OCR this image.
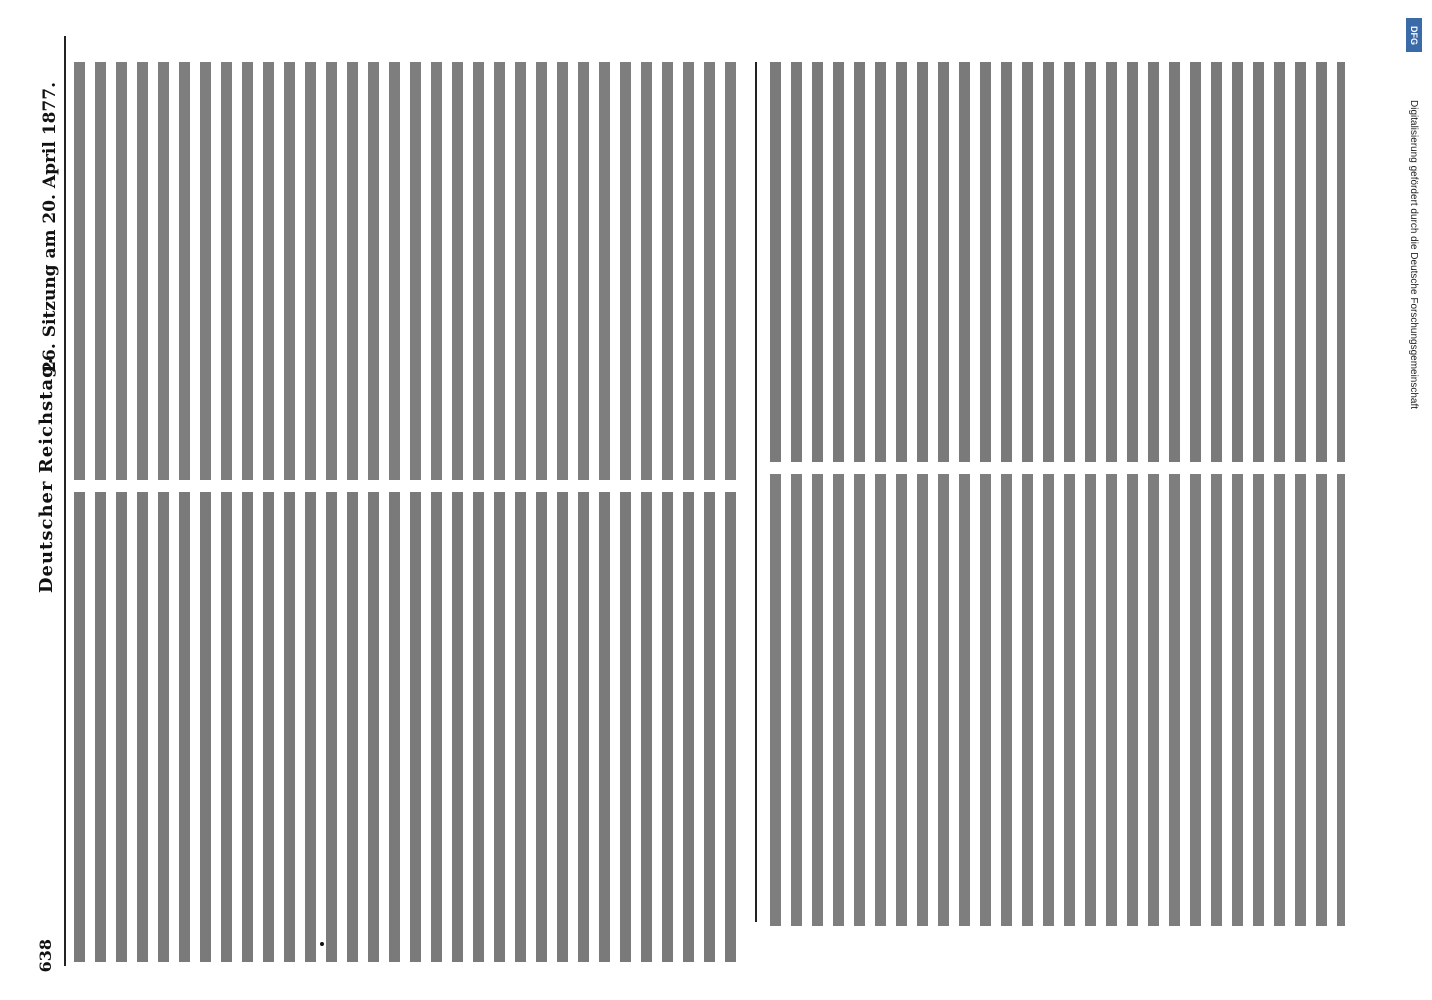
638
Deutscher Reichstag.
26. Sitzung am 20. April 1877.	Digitalisierung gefördert durch die Deutsche Forschungsgemeinschaft
DFG
